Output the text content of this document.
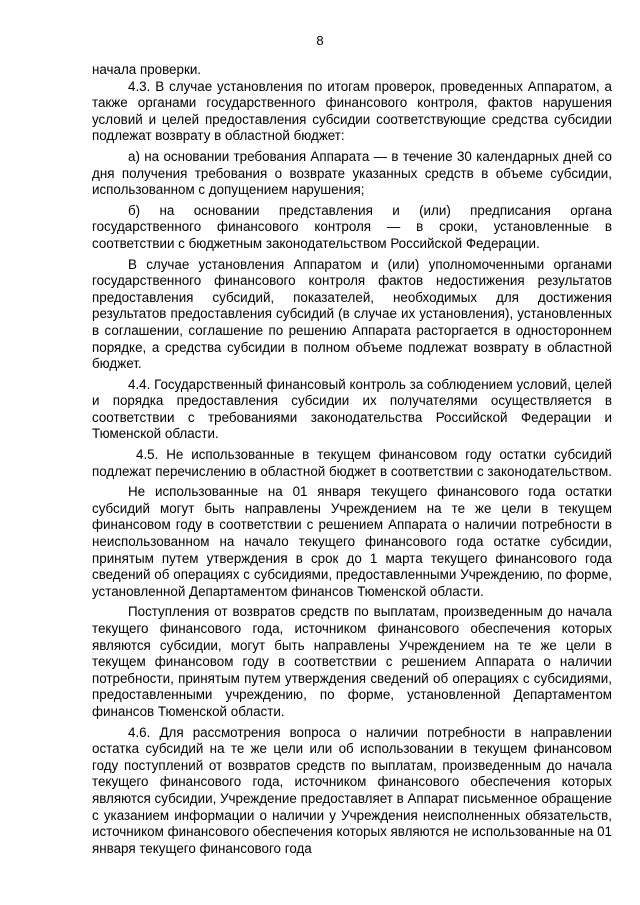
8

начала проверки.

4.3. В случае установления по итогам проверок, проведенных Аппаратом, а также органами государственного финансового контроля, фактов нарушения условий и целей предоставления субсидии соответствующие средства субсидии подлежат возврату в областной бюджет:

а) на основании требования Аппарата — в течение 30 календарных дней со дня получения требования о возврате указанных средств в объеме субсидии, использованном с допущением нарушения;

б) на основании представления и (или) предписания органа государственного финансового контроля — в сроки, установленные в соответствии с бюджетным законодательством Российской Федерации.

В случае установления Аппаратом и (или) уполномоченными органами государственного финансового контроля фактов недостижения результатов предоставления субсидий, показателей, необходимых для достижения результатов предоставления субсидий (в случае их установления), установленных в соглашении, соглашение по решению Аппарата расторгается в одностороннем порядке, а средства субсидии в полном объеме подлежат возврату в областной бюджет.

4.4. Государственный финансовый контроль за соблюдением условий, целей и порядка предоставления субсидии их получателями осуществляется в соответствии с требованиями законодательства Российской Федерации и Тюменской области.

4.5. Не использованные в текущем финансовом году остатки субсидий подлежат перечислению в областной бюджет в соответствии с законодательством.

Не использованные на 01 января текущего финансового года остатки субсидий могут быть направлены Учреждением на те же цели в текущем финансовом году в соответствии с решением Аппарата о наличии потребности в неиспользованном на начало текущего финансового года остатке субсидии, принятым путем утверждения в срок до 1 марта текущего финансового года сведений об операциях с субсидиями, предоставленными Учреждению, по форме, установленной Департаментом финансов Тюменской области.

Поступления от возвратов средств по выплатам, произведенным до начала текущего финансового года, источником финансового обеспечения которых являются субсидии, могут быть направлены Учреждением на те же цели в текущем финансовом году в соответствии с решением Аппарата о наличии потребности, принятым путем утверждения сведений об операциях с субсидиями, предоставленными учреждению, по форме, установленной Департаментом финансов Тюменской области.

4.6. Для рассмотрения вопроса о наличии потребности в направлении остатка субсидий на те же цели или об использовании в текущем финансовом году поступлений от возвратов средств по выплатам, произведенным до начала текущего финансового года, источником финансового обеспечения которых являются субсидии, Учреждение предоставляет в Аппарат письменное обращение с указанием информации о наличии у Учреждения неисполненных обязательств, источником финансового обеспечения которых являются не использованные на 01 января текущего финансового года
